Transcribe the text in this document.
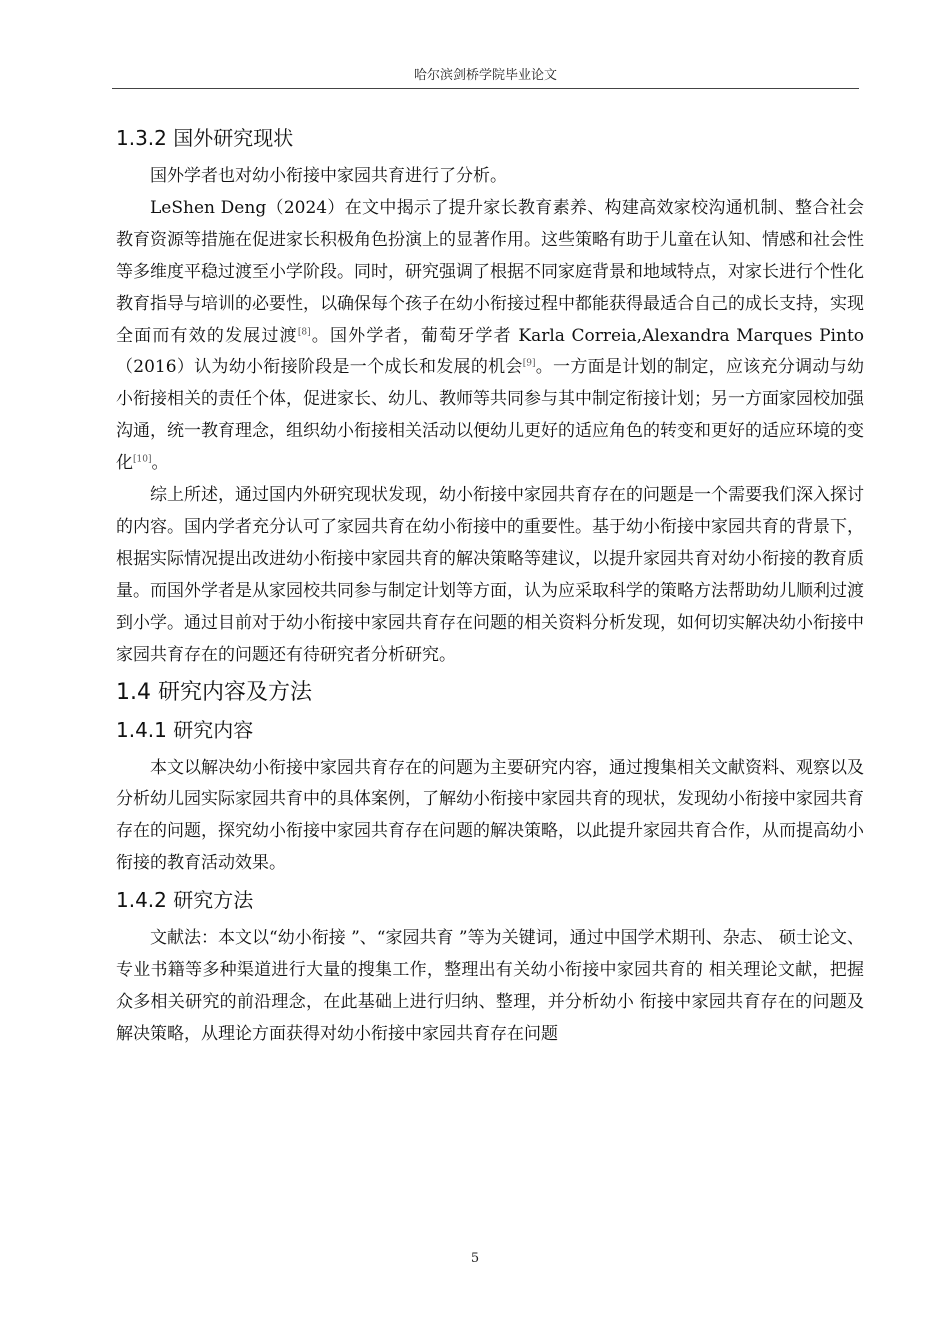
哈尔滨剑桥学院毕业论文
1.3.2 国外研究现状

国外学者也对幼小衔接中家园共育进行了分析。

LeShen Deng（2024）在文中揭示了提升家长教育素养、构建高效家校沟通机制、整合社会教育资源等措施在促进家长积极角色扮演上的显著作用。这些策略有助于儿童在认知、情感和社会性等多维度平稳过渡至小学阶段。同时，研究强调了根据不同家庭背景和地域特点，对家长进行个性化教育指导与培训的必要性，以确保每个孩子在幼小衔接过程中都能获得最适合自己的成长支持，实现全面而有效的发展过渡[8]。国外学者，葡萄牙学者 Karla Correia,Alexandra Marques Pinto（2016）认为幼小衔接阶段是一个成长和发展的机会[9]。一方面是计划的制定，应该充分调动与幼小衔接相关的责任个体，促进家长、幼儿、教师等共同参与其中制定衔接计划；另一方面家园校加强沟通，统一教育理念，组织幼小衔接相关活动以便幼儿更好的适应角色的转变和更好的适应环境的变化[10]。

综上所述，通过国内外研究现状发现，幼小衔接中家园共育存在的问题是一个需要我们深入探讨的内容。国内学者充分认可了家园共育在幼小衔接中的重要性。基于幼小衔接中家园共育的背景下，根据实际情况提出改进幼小衔接中家园共育的解决策略等建议，以提升家园共育对幼小衔接的教育质量。而国外学者是从家园校共同参与制定计划等方面，认为应采取科学的策略方法帮助幼儿顺利过渡到小学。通过目前对于幼小衔接中家园共育存在问题的相关资料分析发现，如何切实解决幼小衔接中家园共育存在的问题还有待研究者分析研究。

1.4 研究内容及方法
1.4.1 研究内容

本文以解决幼小衔接中家园共育存在的问题为主要研究内容，通过搜集相关文献资料、观察以及分析幼儿园实际家园共育中的具体案例，了解幼小衔接中家园共育的现状，发现幼小衔接中家园共育存在的问题，探究幼小衔接中家园共育存在问题的解决策略，以此提升家园共育合作，从而提高幼小衔接的教育活动效果。

1.4.2 研究方法

文献法：本文以“幼小衔接 ”、“家园共育 ”等为关键词，通过中国学术期刊、杂志、 硕士论文、专业书籍等多种渠道进行大量的搜集工作，整理出有关幼小衔接中家园共育的 相关理论文献，把握众多相关研究的前沿理念，在此基础上进行归纳、整理，并分析幼小 衔接中家园共育存在的问题及解决策略，从理论方面获得对幼小衔接中家园共育存在问题

5
